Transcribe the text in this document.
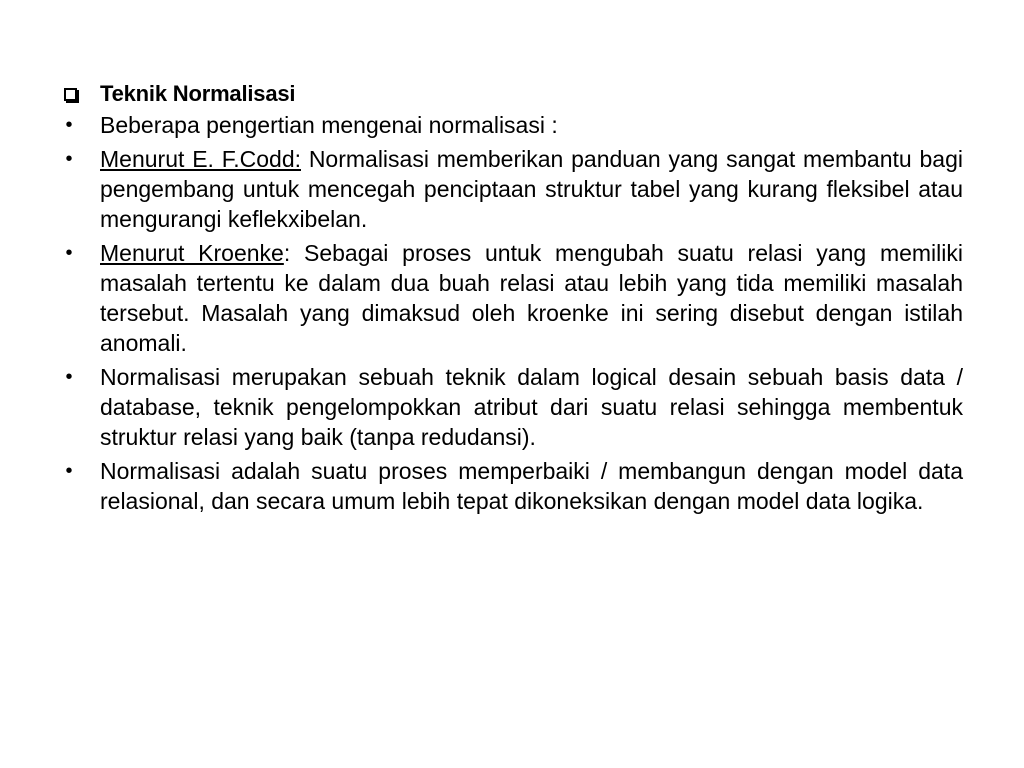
Teknik Normalisasi
• Beberapa pengertian mengenai normalisasi :
• Menurut E. F.Codd: Normalisasi memberikan panduan yang sangat membantu bagi pengembang untuk mencegah penciptaan struktur tabel yang kurang fleksibel atau mengurangi keflekxibelan.
• Menurut Kroenke: Sebagai proses untuk mengubah suatu relasi yang memiliki masalah tertentu ke dalam dua buah relasi atau lebih yang tida memiliki masalah tersebut. Masalah yang dimaksud oleh kroenke ini sering disebut dengan istilah anomali.
• Normalisasi merupakan sebuah teknik dalam logical desain sebuah basis data / database, teknik pengelompokkan atribut dari suatu relasi sehingga membentuk struktur relasi yang baik (tanpa redudansi).
• Normalisasi adalah suatu proses memperbaiki / membangun dengan model data relasional, dan secara umum lebih tepat dikoneksikan dengan model data logika.
